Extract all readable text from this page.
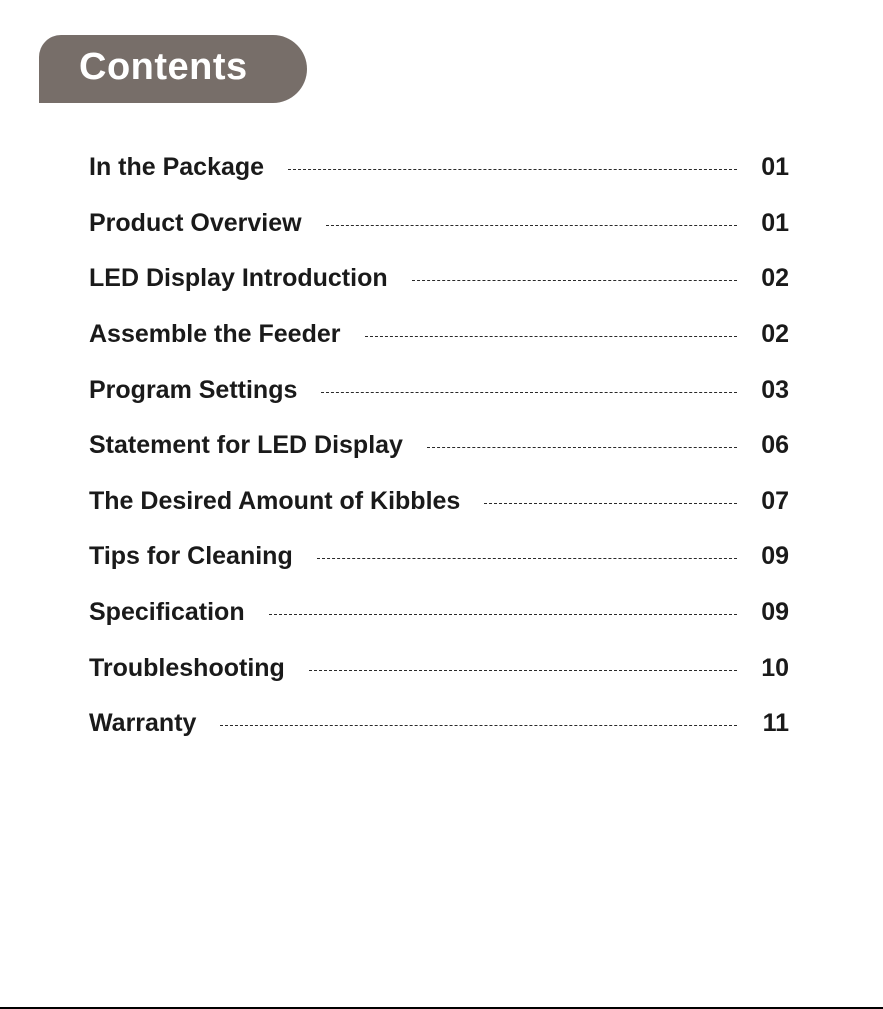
Contents
In the Package	01
Product Overview	01
LED Display Introduction	02
Assemble the Feeder	02
Program Settings	03
Statement for LED Display	06
The Desired Amount of Kibbles	07
Tips for Cleaning	09
Specification	09
Troubleshooting	10
Warranty	11
